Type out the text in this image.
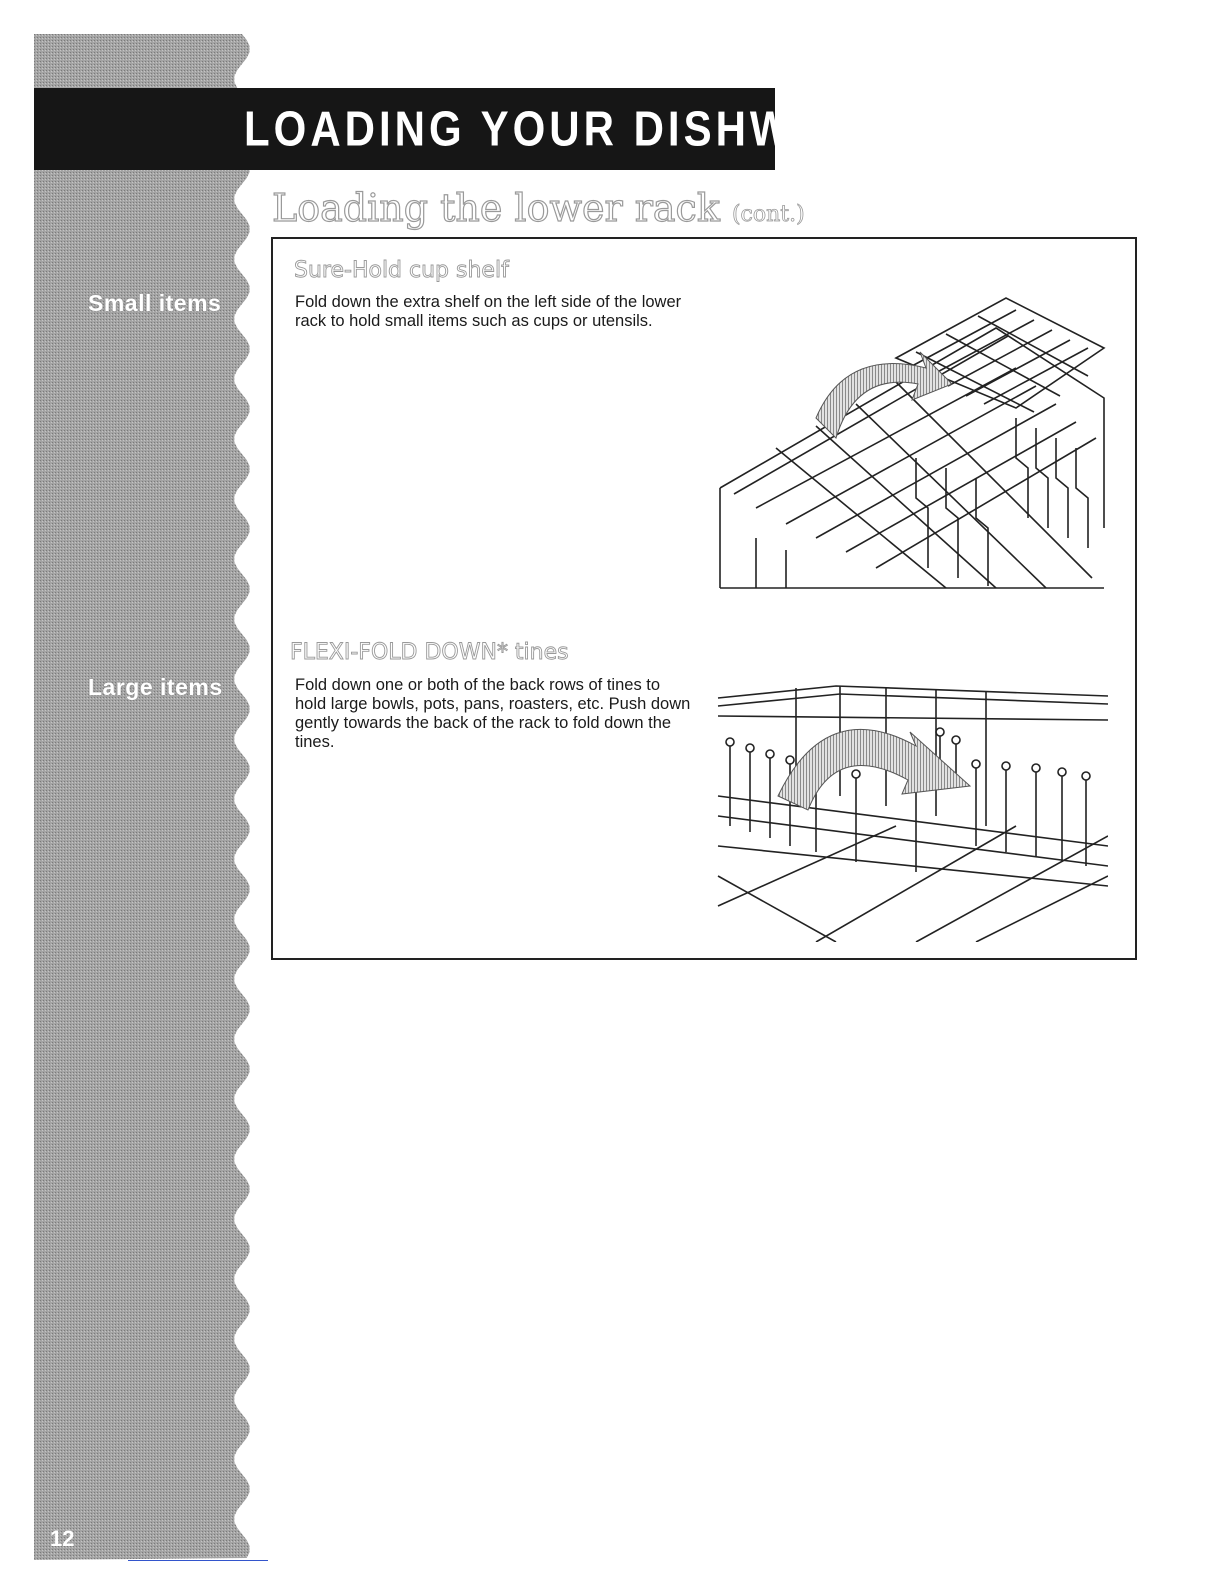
Small items
Large items
12
LOADING YOUR DISHWASHER
Loading the lower rack (cont.)
Sure-Hold cup shelf
Fold down the extra shelf on the left side of the lower rack to hold small items such as cups or utensils.
FLEXI-FOLD DOWN* tines
Fold down one or both of the back rows of tines to hold large bowls, pots, pans, roasters, etc. Push down gently towards the back of the rack to fold down the tines.
